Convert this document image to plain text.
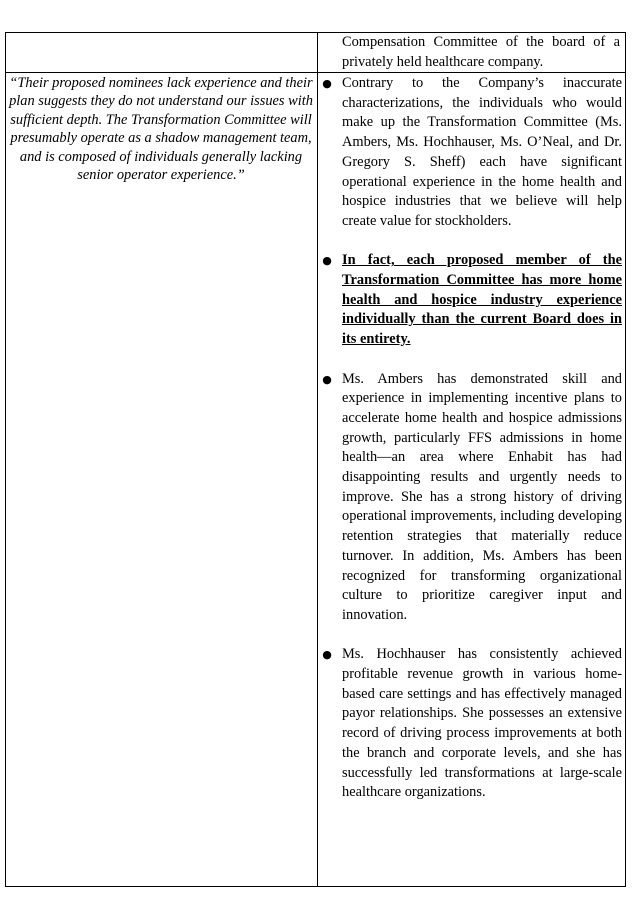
Compensation Committee of the board of a privately held healthcare company.
“Their proposed nominees lack experience and their plan suggests they do not understand our issues with sufficient depth. The Transformation Committee will presumably operate as a shadow management team, and is composed of individuals generally lacking senior operator experience.”
● Contrary to the Company’s inaccurate characterizations, the individuals who would make up the Transformation Committee (Ms. Ambers, Ms. Hochhauser, Ms. O’Neal, and Dr. Gregory S. Sheff) each have significant operational experience in the home health and hospice industries that we believe will help create value for stockholders.
● In fact, each proposed member of the Transformation Committee has more home health and hospice industry experience individually than the current Board does in its entirety.
● Ms. Ambers has demonstrated skill and experience in implementing incentive plans to accelerate home health and hospice admissions growth, particularly FFS admissions in home health—an area where Enhabit has had disappointing results and urgently needs to improve. She has a strong history of driving operational improvements, including developing retention strategies that materially reduce turnover. In addition, Ms. Ambers has been recognized for transforming organizational culture to prioritize caregiver input and innovation.
● Ms. Hochhauser has consistently achieved profitable revenue growth in various home-based care settings and has effectively managed payor relationships. She possesses an extensive record of driving process improvements at both the branch and corporate levels, and she has successfully led transformations at large-scale healthcare organizations.
